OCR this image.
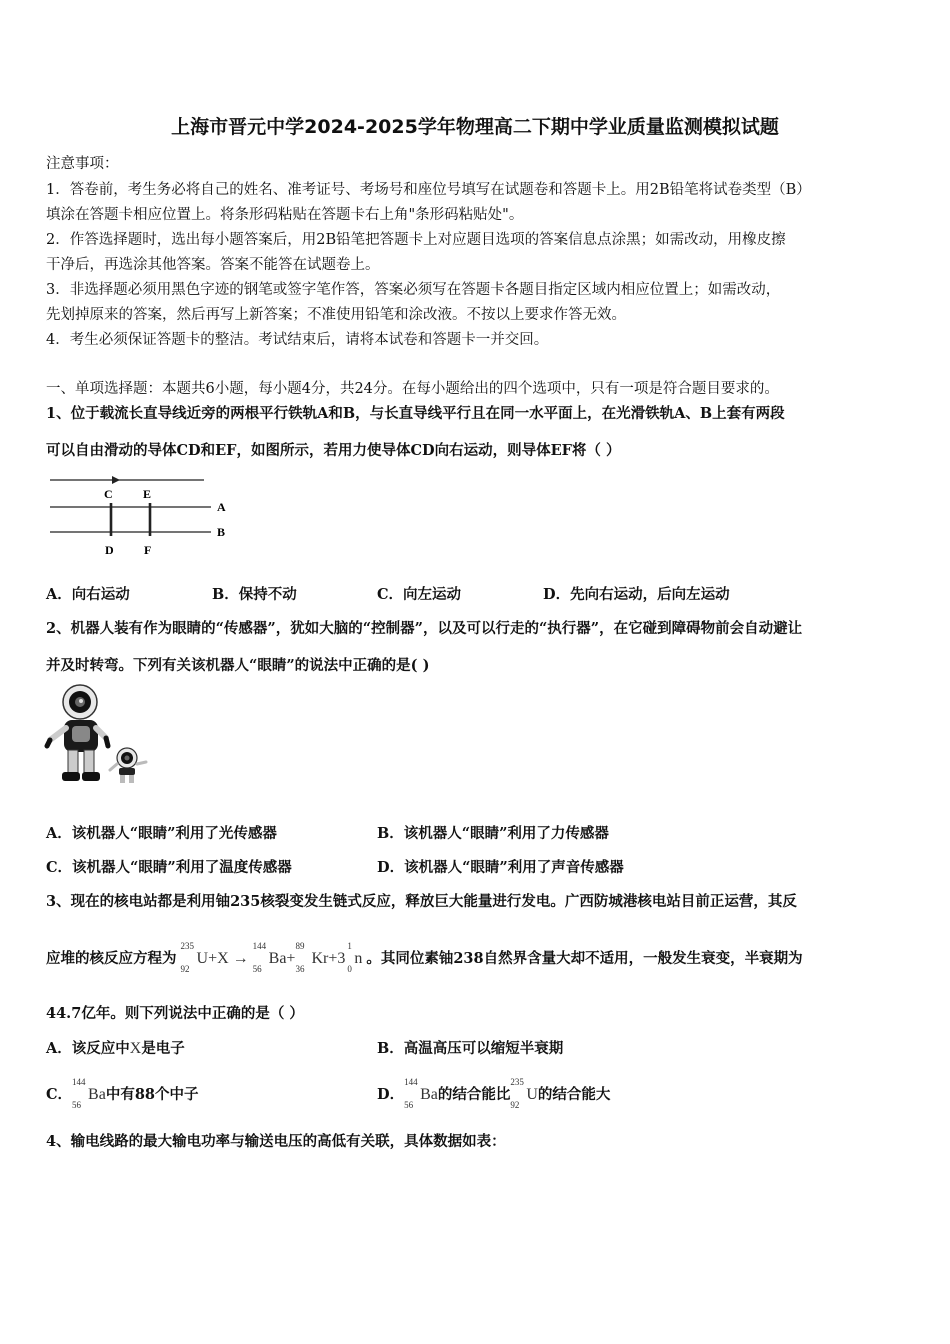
上海市晋元中学2024-2025学年物理高二下期中学业质量监测模拟试题
注意事项：
1．答卷前，考生务必将自己的姓名、准考证号、考场号和座位号填写在试题卷和答题卡上。用2B铅笔将试卷类型（B）
填涂在答题卡相应位置上。将条形码粘贴在答题卡右上角"条形码粘贴处"。
2．作答选择题时，选出每小题答案后，用2B铅笔把答题卡上对应题目选项的答案信息点涂黑；如需改动，用橡皮擦
干净后，再选涂其他答案。答案不能答在试题卷上。
3．非选择题必须用黑色字迹的钢笔或签字笔作答，答案必须写在答题卡各题目指定区域内相应位置上；如需改动，
先划掉原来的答案，然后再写上新答案；不准使用铅笔和涂改液。不按以上要求作答无效。
4．考生必须保证答题卡的整洁。考试结束后，请将本试卷和答题卡一并交回。
一、单项选择题：本题共6小题，每小题4分，共24分。在每小题给出的四个选项中，只有一项是符合题目要求的。
1、位于载流长直导线近旁的两根平行铁轨A和B，与长直导线平行且在同一水平面上，在光滑铁轨A、B上套有两段
可以自由滑动的导体CD和EF，如图所示，若用力使导体CD向右运动，则导体EF将（ ）
C	E
A
B
D	F
A．向右运动	B．保持不动	C．向左运动	D．先向右运动，后向左运动
2、机器人装有作为眼睛的“传感器”，犹如大脑的“控制器”，以及可以行走的“执行器”，在它碰到障碍物前会自动避让
并及时转弯。下列有关该机器人“眼睛”的说法中正确的是( )
A．该机器人“眼睛”利用了光传感器	B．该机器人“眼睛”利用了力传感器
C．该机器人“眼睛”利用了温度传感器	D．该机器人“眼睛”利用了声音传感器
3、现在的核电站都是利用铀235核裂变发生链式反应，释放巨大能量进行发电。广西防城港核电站目前正运营，其反
应堆的核反应方程为
235
92
U+X →
144
56
Ba+
89
36
Kr+3
1
0
n 。其同位素铀238自然界含量大却不适用，一般发生衰变，半衰期为
44.7亿年。则下列说法中正确的是（ ）
A．该反应中X是电子	B．高温高压可以缩短半衰期
C．
144
56
Ba中有88个中子	D．
144
56
Ba的结合能比
235
92
U的结合能大
4、输电线路的最大输电功率与输送电压的高低有关联，具体数据如表：
